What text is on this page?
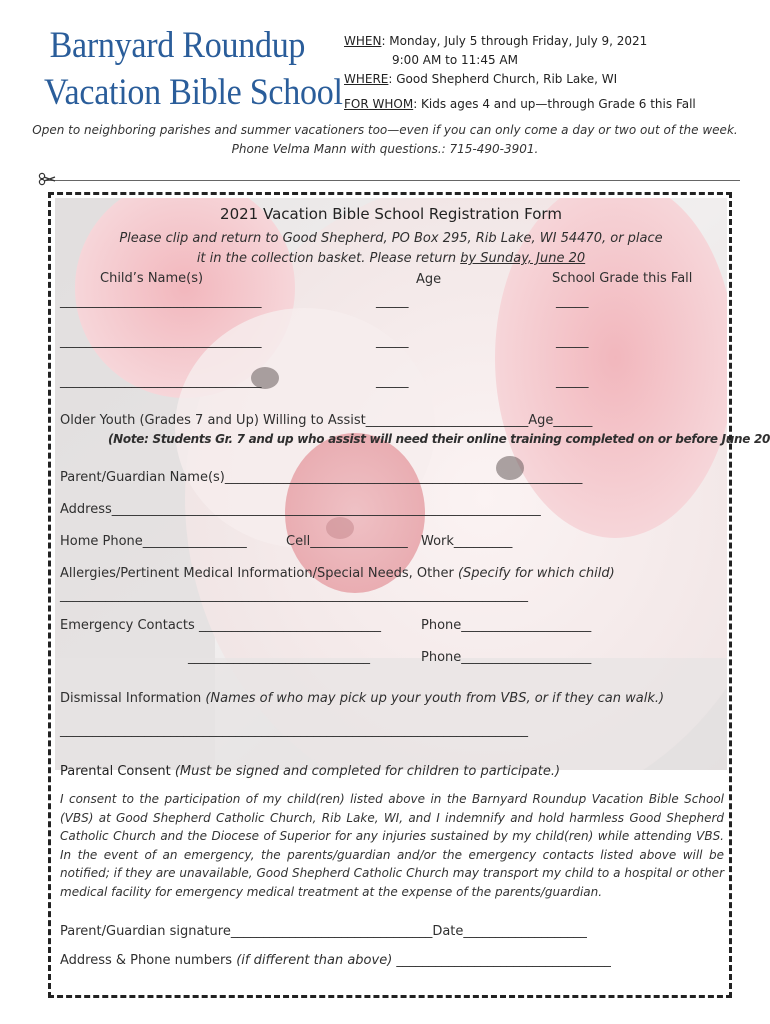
Barnyard Roundup
Vacation Bible School
WHEN: Monday, July 5 through Friday, July 9, 2021
9:00 AM to 11:45 AM
WHERE: Good Shepherd Church, Rib Lake, WI
FOR WHOM: Kids ages 4 and up—through Grade 6 this Fall
Open to neighboring parishes and summer vacationers too—even if you can only come a day or two out of the week.
Phone Velma Mann with questions.: 715-490-3901.
2021 Vacation Bible School Registration Form
Please clip and return to Good Shepherd, PO Box 295, Rib Lake, WI 54470, or place
it in the collection basket. Please return by Sunday, June 20
Child’s Name(s)	Age	School Grade this Fall
_______________________________	_____	_____
_______________________________	_____	_____
_______________________________	_____	_____
Older Youth (Grades 7 and Up) Willing to Assist_________________________Age______
(Note: Students Gr. 7 and up who assist will need their online training completed on or before June 20
Parent/Guardian Name(s)_______________________________________________________
Address__________________________________________________________________
Home Phone________________	Cell_______________ Work_________
Allergies/Pertinent Medical Information/Special Needs, Other (Specify for which child)
________________________________________________________________________
Emergency Contacts ____________________________	Phone____________________
____________________________	Phone____________________
Dismissal Information (Names of who may pick up your youth from VBS, or if they can walk.)
________________________________________________________________________
Parental Consent (Must be signed and completed for children to participate.)
I consent to the participation of my child(ren) listed above in the Barnyard Roundup Vacation Bible School (VBS) at Good Shepherd Catholic Church, Rib Lake, WI, and I indemnify and hold harmless Good Shepherd Catholic Church and the Diocese of Superior for any injuries sustained by my child(ren) while attending VBS. In the event of an emergency, the parents/guardian and/or the emergency contacts listed above will be notified; if they are unavailable, Good Shepherd Catholic Church may transport my child to a hospital or other medical facility for emergency medical treatment at the expense of the parents/guardian.
Parent/Guardian signature_______________________________Date___________________
Address & Phone numbers (if different than above) _________________________________
